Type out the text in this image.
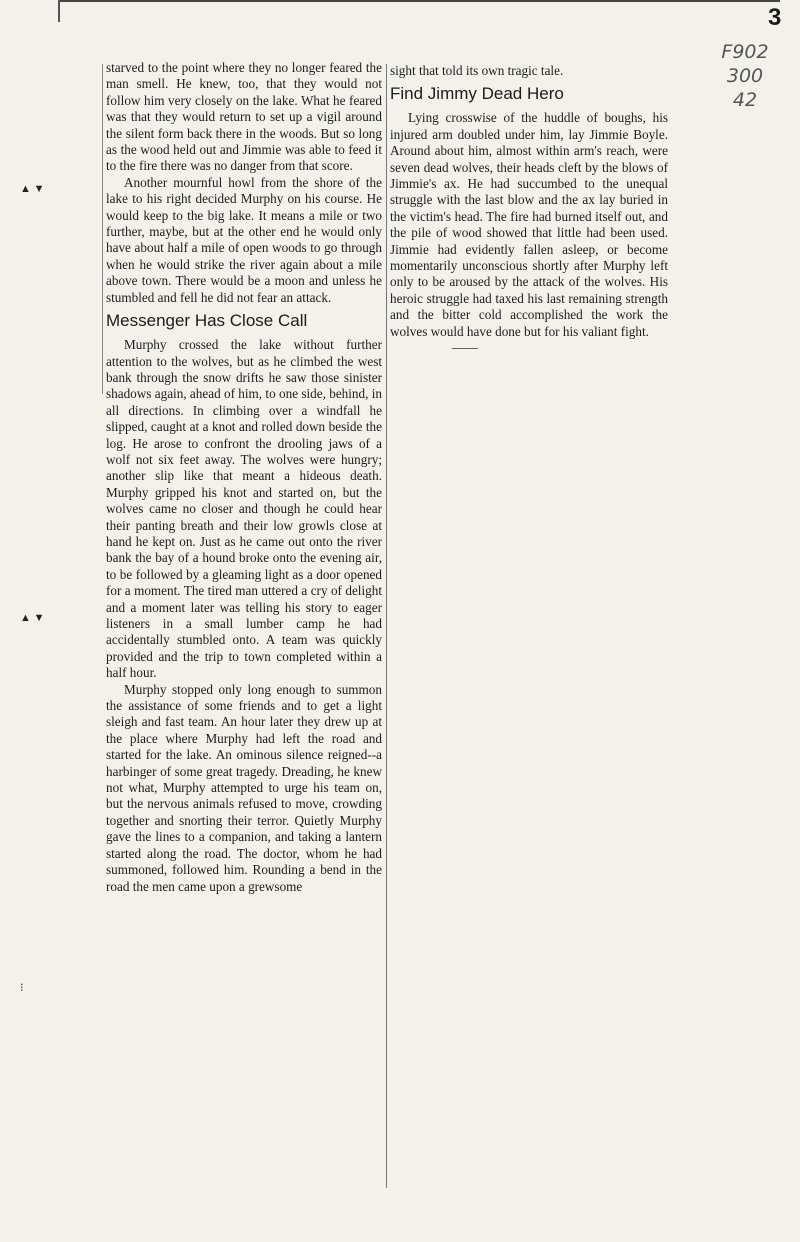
3
F902
300
42
▲ ▼
▲ ▼
⁝

starved to the point where they no longer feared the man smell. He knew, too, that they would not follow him very closely on the lake. What he feared was that they would return to set up a vigil around the silent form back there in the woods. But so long as the wood held out and Jimmie was able to feed it to the fire there was no danger from that score.

Another mournful howl from the shore of the lake to his right decided Murphy on his course. He would keep to the big lake. It means a mile or two further, maybe, but at the other end he would only have about half a mile of open woods to go through when he would strike the river again about a mile above town. There would be a moon and unless he stumbled and fell he did not fear an attack.

Messenger Has Close Call

Murphy crossed the lake without further attention to the wolves, but as he climbed the west bank through the snow drifts he saw those sinister shadows again, ahead of him, to one side, behind, in all directions. In climbing over a windfall he slipped, caught at a knot and rolled down beside the log. He arose to confront the drooling jaws of a wolf not six feet away. The wolves were hungry; another slip like that meant a hideous death. Murphy gripped his knot and started on, but the wolves came no closer and though he could hear their panting breath and their low growls close at hand he kept on. Just as he came out onto the river bank the bay of a hound broke onto the evening air, to be followed by a gleaming light as a door opened for a moment. The tired man uttered a cry of delight and a moment later was telling his story to eager listeners in a small lumber camp he had accidentally stumbled onto. A team was quickly provided and the trip to town completed within a half hour.

Murphy stopped only long enough to summon the assistance of some friends and to get a light sleigh and fast team. An hour later they drew up at the place where Murphy had left the road and started for the lake. An ominous silence reigned--a harbinger of some great tragedy. Dreading, he knew not what, Murphy attempted to urge his team on, but the nervous animals refused to move, crowding together and snorting their terror. Quietly Murphy gave the lines to a companion, and taking a lantern started along the road. The doctor, whom he had summoned, followed him. Rounding a bend in the road the men came upon a grewsome

sight that told its own tragic tale.

Find Jimmy Dead Hero

Lying crosswise of the huddle of boughs, his injured arm doubled under him, lay Jimmie Boyle. Around about him, almost within arm's reach, were seven dead wolves, their heads cleft by the blows of Jimmie's ax. He had succumbed to the unequal struggle with the last blow and the ax lay buried in the victim's head. The fire had burned itself out, and the pile of wood showed that little had been used. Jimmie had evidently fallen asleep, or become momentarily unconscious shortly after Murphy left only to be aroused by the attack of the wolves. His heroic struggle had taxed his last remaining strength and the bitter cold accomplished the work the wolves would have done but for his valiant fight.
